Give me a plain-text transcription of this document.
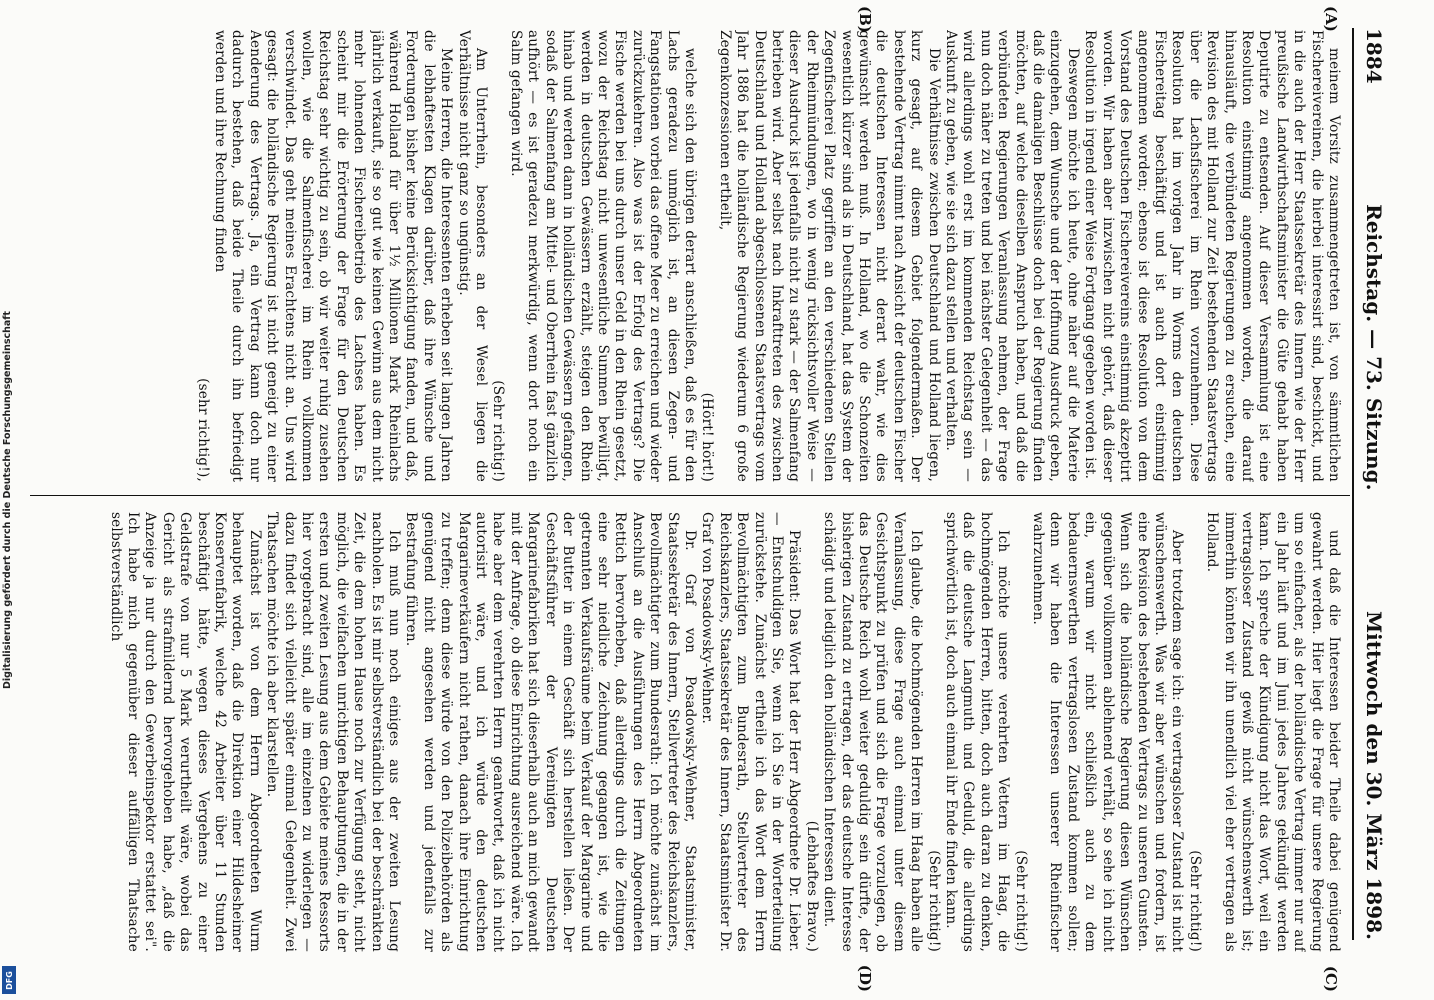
1884
Reichstag. — 73. Sitzung.
Mittwoch den 30. März 1898.
(A)
(B)
(C)
(D)

meinem Vorsitz zusammengetreten ist, von sämmtlichen Fischereivereinen, die hierbei interessirt sind, beschickt, und in die auch der Herr Staatssekretär des Innern wie der Herr preußische Landwirthschaftsminister die Güte gehabt haben Deputirte zu entsenden. Auf dieser Versammlung ist eine Resolution einstimmig angenommen worden, die darauf hinausläuft, die verbündeten Regierungen zu ersuchen, eine Revision des mit Holland zur Zeit bestehenden Staatsvertrags über die Lachsfischerei im Rhein vorzunehmen. Diese Resolution hat im vorigen Jahr in Worms den deutschen Fischereitag beschäftigt und ist auch dort einstimmig angenommen worden; ebenso ist diese Resolution von dem Vorstand des Deutschen Fischereivereins einstimmig akzeptirt worden. Wir haben aber inzwischen nicht gehört, daß dieser Resolution in irgend einer Weise Fortgang gegeben worden ist.

Deswegen möchte ich heute, ohne näher auf die Materie einzugehen, dem Wunsche und der Hoffnung Ausdruck geben, daß die damaligen Beschlüsse doch bei der Regierung finden möchten, auf welche dieselben Anspruch haben, und daß die verbündeten Regierungen Veranlassung nehmen, der Frage nun doch näher zu treten und bei nächster Gelegenheit — das wird allerdings wohl erst im kommenden Reichstag sein — Auskunft zu geben, wie sie sich dazu stellen und verhalten.

Die Verhältnisse zwischen Deutschland und Holland liegen, kurz gesagt, auf diesem Gebiet folgendermaßen. Der bestehende Vertrag nimmt nach Ansicht der deutschen Fischer die deutschen Interessen nicht derart wahr, wie dies gewünscht werden muß. In Holland, wo die Schonzeiten wesentlich kürzer sind als in Deutschland, hat das System der Zegenfischerei Platz gegriffen an den verschiedenen Stellen der Rheinmündungen, wo in wenig rücksichtsvoller Weise — dieser Ausdruck ist jedenfalls nicht zu stark — der Salmenfang betrieben wird. Aber selbst nach Inkrafttreten des zwischen Deutschland und Holland abgeschlossenen Staatsvertrags vom Jahr 1886 hat die holländische Regierung wiederum 6 große Zegenkonzessionen ertheilt,

(Hört! hört!)

welche sich den übrigen derart anschließen, daß es für den Lachs geradezu unmöglich ist, an diesen Zegen- und Fangstationen vorbei das offene Meer zu erreichen und wieder zurückzukehren. Also was ist der Erfolg des Vertrags? Die Fische werden bei uns durch unser Geld in den Rhein gesetzt, wozu der Reichstag nicht unwesentliche Summen bewilligt, werden in deutschen Gewässern erzählt, steigen den Rhein hinab und werden dann in holländischen Gewässern gefangen, sodaß der Salmenfang am Mittel- und Oberrhein fast gänzlich aufhört — es ist geradezu merkwürdig, wenn dort noch ein Salm gefangen wird.

(Sehr richtig!)

Am Unterrhein, besonders an der Wesel liegen die Verhältnisse nicht ganz so ungünstig.

Meine Herren, die Interessenten erheben seit langen Jahren die lebhaftesten Klagen darüber, daß ihre Wünsche und Forderungen bisher keine Berücksichtigung fanden, und daß, während Holland für über 1½ Millionen Mark Rheinlachs jährlich verkauft, sie so gut wie keinen Gewinn aus dem nicht mehr lohnenden Fischereibetrieb des Lachses haben. Es scheint mir die Erörterung der Frage für den Deutschen Reichstag sehr wichtig zu sein, ob wir weiter ruhig zusehen wollen, wie die Salmenfischerei im Rhein vollkommen verschwindet. Das geht meines Erachtens nicht an. Uns wird gesagt: die holländische Regierung ist nicht geneigt zu einer Aenderung des Vertrags. Ja, ein Vertrag kann doch nur dadurch bestehen, daß beide Theile durch ihn befriedigt werden und ihre Rechnung finden

(sehr richtig!),

und daß die Interessen beider Theile dabei genügend gewahrt werden. Hier liegt die Frage für unsere Regierung um so einfacher, als der holländische Vertrag immer nur auf ein Jahr läuft und im Juni jedes Jahres gekündigt werden kann. Ich spreche der Kündigung nicht das Wort, weil ein vertragsloser Zustand gewiß nicht wünschenswerth ist; immerhin könnten wir ihn unendlich viel eher vertragen als Holland.

(Sehr richtig!)

Aber trotzdem sage ich: ein vertragsloser Zustand ist nicht wünschenswerth. Was wir aber wünschen und fordern, ist eine Revision des bestehenden Vertrags zu unseren Gunsten. Wenn sich die holländische Regierung diesen Wünschen gegenüber vollkommen ablehnend verhält, so sehe ich nicht ein, warum wir nicht schließlich auch zu dem bedauernswerthen vertragslosen Zustand kommen sollen; denn wir haben die Interessen unserer Rheinfischer wahrzunehmen.

(Sehr richtig!)

Ich möchte unsere verehrten Vettern im Haag, die hochmögenden Herren, bitten, doch auch daran zu denken, daß die deutsche Langmuth und Geduld, die allerdings sprichwörtlich ist, doch auch einmal ihr Ende finden kann.

(Sehr richtig!)

Ich glaube, die hochmögenden Herren im Haag haben alle Veranlassung, diese Frage auch einmal unter diesem Gesichtspunkt zu prüfen und sich die Frage vorzulegen, ob das Deutsche Reich wohl weiter geduldig sein dürfte, der bisherigen Zustand zu ertragen, der das deutsche Interesse schädigt und lediglich den holländischen Interessen dient.

(Lebhaftes Bravo.)

Präsident: Das Wort hat der Herr Abgeordnete Dr. Lieber. — Entschuldigen Sie, wenn ich Sie in der Worterteilung zurückstehe. Zunächst ertheile ich das Wort dem Herrn Bevollmächtigten zum Bundesrath, Stellvertreter des Reichskanzlers, Staatssekretär des Innern, Staatsminister Dr. Graf von Posadowsky-Wehner.

Dr. Graf von Posadowsky-Wehner, Staatsminister, Staatssekretär des Innern, Stellvertreter des Reichskanzlers, Bevollmächtigter zum Bundesrath: Ich möchte zunächst im Anschluß an die Ausführungen des Herrn Abgeordneten Rettich hervorheben, daß allerdings durch die Zeitungen eine sehr niedliche Zeichnung gegangen ist, wie die getrennten Verkaufsräume beim Verkauf der Margarine und der Butter in einem Geschäft sich herstellen ließen. Der Geschäftsführer der Vereinigten Deutschen Margarinefabriken hat sich dieserhalb auch an mich gewandt mit der Anfrage, ob diese Einrichtung ausreichend wäre. Ich habe aber dem verehrten Herrn geantwortet, daß ich nicht autorisirt wäre, und ich würde den deutschen Margarineverkäufern nicht rathen, danach ihre Einrichtung zu treffen; denn diese würde von den Polizeibehörden als genügend nicht angesehen werden und jedenfalls zur Bestrafung führen.

Ich muß nun noch einiges aus der zweiten Lesung nachholen. Es ist mir selbstverständlich bei der beschränkten Zeit, die dem hohen Hause noch zur Verfügung steht, nicht möglich, die vielfachen unrichtigen Behauptungen, die in der ersten und zweiten Lesung aus dem Gebiete meines Ressorts hier vorgebracht sind, alle im einzelnen zu widerlegen — dazu findet sich vielleicht später einmal Gelegenheit. Zwei Thatsachen möchte ich aber klarstellen.

Zunächst ist von dem Herrn Abgeordneten Wurm behauptet worden, daß die Direktion einer Hildesheimer Konservenfabrik, welche 42 Arbeiter über 11 Stunden beschäftigt hätte, wegen dieses Vergehens zu einer Geldstrafe von nur 5 Mark verurtheilt wäre, wobei das Gericht als strafmildernd hervorgehoben habe, „daß die Anzeige ja nur durch den Gewerbeinspektor erstattet sei". Ich habe mich gegenüber dieser auffälligen Thatsache selbstverständlich

Digitalisierung gefördert durch die Deutsche Forschungsgemeinschaft
DFG
